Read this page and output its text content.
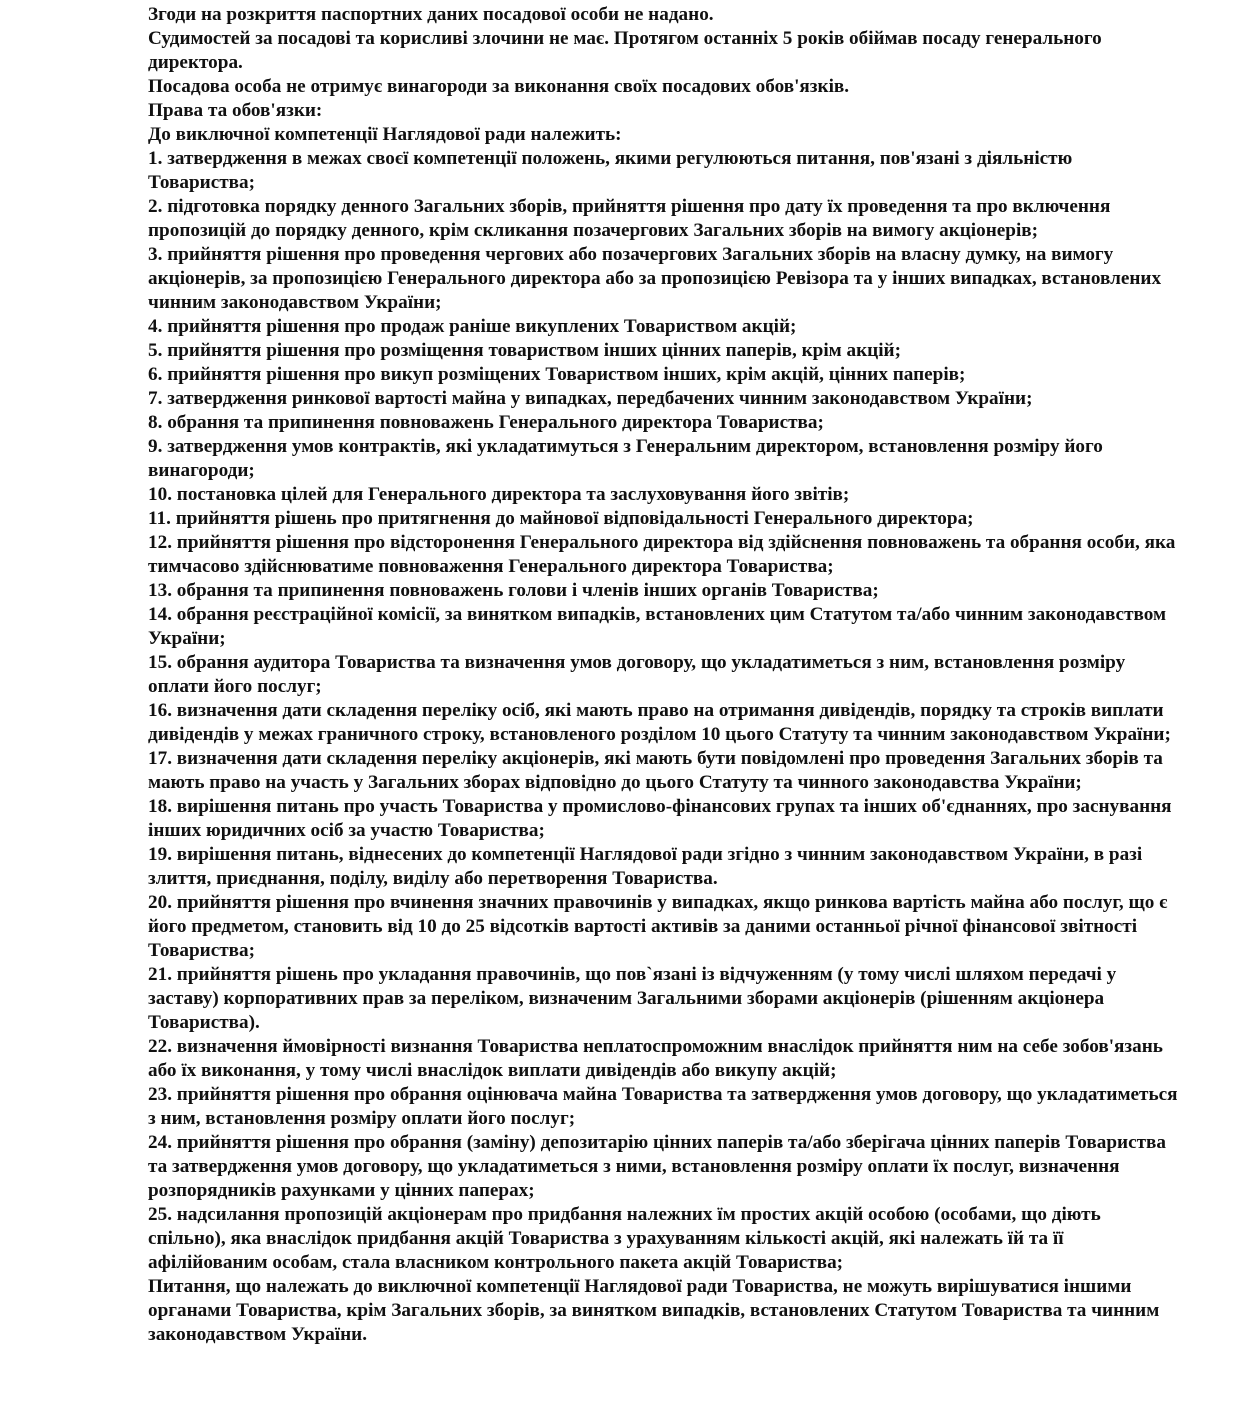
Згоди на розкриття паспортних даних посадової особи не надано.

Судимостей за посадові та корисливі злочини не має. Протягом останніх 5 років обіймав посаду генерального директора.

Посадова особа не отримує винагороди за виконання своїх посадових обов'язків.

Права та обов'язки:

До виключної компетенції Наглядової ради належить:

1. затвердження в межах своєї компетенції положень, якими регулюються питання, пов'язані з діяльністю Товариства;

2. підготовка порядку денного Загальних зборів, прийняття рішення про дату їх проведення та про включення пропозицій до порядку денного, крім скликання позачергових Загальних зборів на вимогу акціонерів;

3. прийняття рішення про проведення чергових або позачергових Загальних зборів на власну думку, на вимогу акціонерів, за пропозицією Генерального директора або за пропозицією Ревізора та у інших випадках, встановлених чинним законодавством України;

4. прийняття рішення про продаж раніше викуплених Товариством акцій;

5. прийняття рішення про розміщення товариством інших цінних паперів, крім акцій;

6. прийняття рішення про викуп розміщених Товариством інших, крім акцій, цінних паперів;

7. затвердження ринкової вартості майна у випадках, передбачених чинним законодавством України;

8. обрання та припинення повноважень Генерального директора Товариства;

9. затвердження умов контрактів, які укладатимуться з Генеральним директором, встановлення розміру його винагороди;

10. постановка цілей для Генерального директора та заслуховування його звітів;

11. прийняття рішень про притягнення до майнової відповідальності Генерального директора;

12. прийняття рішення про відсторонення Генерального директора від здійснення повноважень та обрання особи, яка тимчасово здійснюватиме повноваження Генерального директора Товариства;

13. обрання та припинення повноважень голови і членів інших органів Товариства;

14. обрання реєстраційної комісії, за винятком випадків, встановлених цим Статутом та/або чинним законодавством України;

15. обрання аудитора Товариства та визначення умов договору, що укладатиметься з ним, встановлення розміру оплати його послуг;

16. визначення дати складення переліку осіб, які мають право на отримання дивідендів, порядку та строків виплати дивідендів у межах граничного строку, встановленого розділом 10 цього Статуту та чинним законодавством України;

17. визначення дати складення переліку акціонерів, які мають бути повідомлені про проведення Загальних зборів та мають право на участь у Загальних зборах відповідно до цього Статуту та чинного законодавства України;

18. вирішення питань про участь Товариства у промислово-фінансових групах та інших об'єднаннях, про заснування інших юридичних осіб за участю Товариства;

19. вирішення питань, віднесених до компетенції Наглядової ради згідно з чинним законодавством України, в разі злиття, приєднання, поділу, виділу або перетворення Товариства.

20. прийняття рішення про вчинення значних правочинів у випадках, якщо ринкова вартість майна або послуг, що є його предметом, становить від 10 до 25 відсотків вартості активів за даними останньої річної фінансової звітності Товариства;

21. прийняття рішень про укладання правочинів, що пов`язані із відчуженням (у тому числі шляхом передачі у заставу) корпоративних прав за переліком, визначеним Загальними зборами акціонерів (рішенням акціонера Товариства).

22. визначення ймовірності визнання Товариства неплатоспроможним внаслідок прийняття ним на себе зобов'язань або їх виконання, у тому числі внаслідок виплати дивідендів або викупу акцій;

23. прийняття рішення про обрання оцінювача майна Товариства та затвердження умов договору, що укладатиметься з ним, встановлення розміру оплати його послуг;

24. прийняття рішення про обрання (заміну) депозитарію цінних паперів та/або зберігача цінних паперів Товариства та затвердження умов договору, що укладатиметься з ними, встановлення розміру оплати їх послуг, визначення розпорядників рахунками у цінних паперах;

25. надсилання пропозицій акціонерам про придбання належних їм простих акцій особою (особами, що діють спільно), яка внаслідок придбання акцій Товариства з урахуванням кількості акцій, які належать їй та її афілійованим особам, стала власником контрольного пакета акцій Товариства;

Питання, що належать до виключної компетенції Наглядової ради Товариства, не можуть вирішуватися іншими органами Товариства, крім Загальних зборів, за винятком випадків, встановлених Статутом Товариства та чинним законодавством України.
